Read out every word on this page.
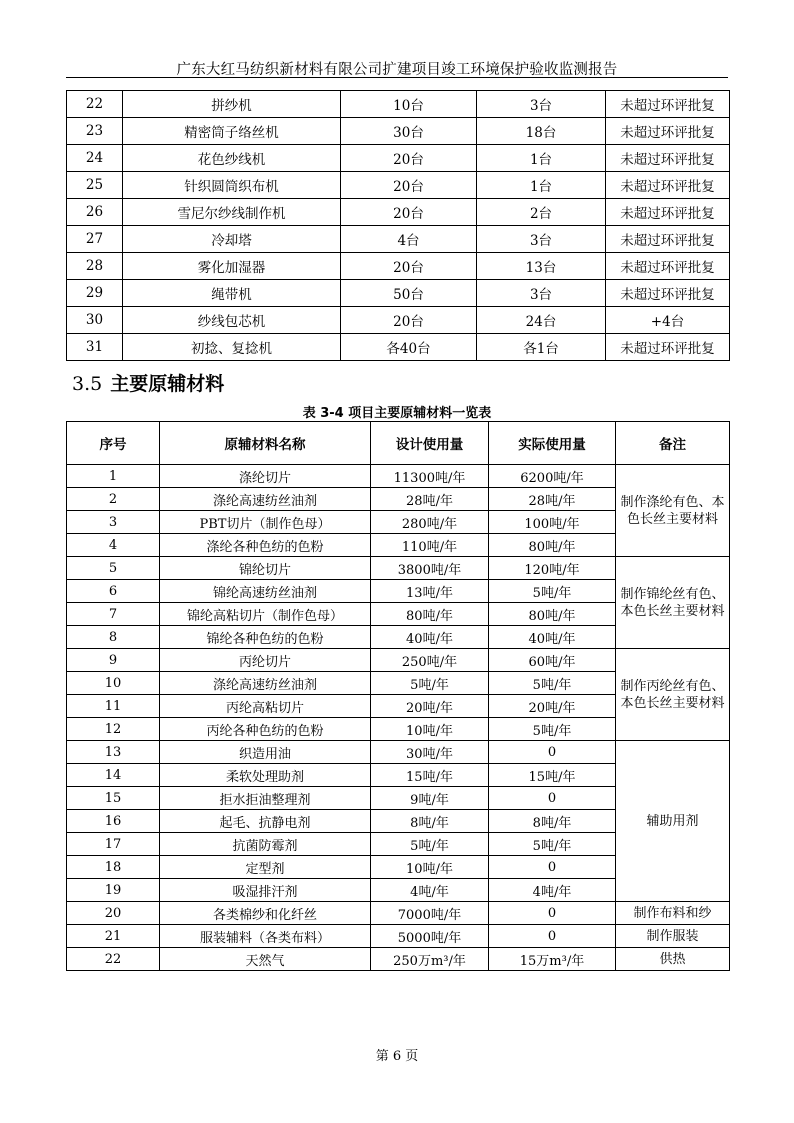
广东大红马纺织新材料有限公司扩建项目竣工环境保护验收监测报告
22	拼纱机	10台	3台	未超过环评批复
23	精密筒子络丝机	30台	18台	未超过环评批复
24	花色纱线机	20台	1台	未超过环评批复
25	针织圆筒织布机	20台	1台	未超过环评批复
26	雪尼尔纱线制作机	20台	2台	未超过环评批复
27	冷却塔	4台	3台	未超过环评批复
28	雾化加湿器	20台	13台	未超过环评批复
29	绳带机	50台	3台	未超过环评批复
30	纱线包芯机	20台	24台	+4台
31	初捻、复捻机	各40台	各1台	未超过环评批复
3.5 主要原辅材料
表 3-4 项目主要原辅材料一览表
序号	原辅材料名称	设计使用量	实际使用量	备注
1	涤纶切片	11300吨/年	6200吨/年	制作涤纶有色、本色长丝主要材料
2	涤纶高速纺丝油剂	28吨/年	28吨/年	
3	PBT切片（制作色母）	280吨/年	100吨/年	
4	涤纶各种色纺的色粉	110吨/年	80吨/年	
5	锦纶切片	3800吨/年	120吨/年	制作锦纶丝有色、本色长丝主要材料
6	锦纶高速纺丝油剂	13吨/年	5吨/年	
7	锦纶高粘切片（制作色母）	80吨/年	80吨/年	
8	锦纶各种色纺的色粉	40吨/年	40吨/年	
9	丙纶切片	250吨/年	60吨/年	制作丙纶丝有色、本色长丝主要材料
10	涤纶高速纺丝油剂	5吨/年	5吨/年	
11	丙纶高粘切片	20吨/年	20吨/年	
12	丙纶各种色纺的色粉	10吨/年	5吨/年	
13	织造用油	30吨/年	0	辅助用剂
14	柔软处理助剂	15吨/年	15吨/年	
15	拒水拒油整理剂	9吨/年	0	
16	起毛、抗静电剂	8吨/年	8吨/年	
17	抗菌防霉剂	5吨/年	5吨/年	
18	定型剂	10吨/年	0	
19	吸湿排汗剂	4吨/年	4吨/年	
20	各类棉纱和化纤丝	7000吨/年	0	制作布料和纱
21	服装辅料（各类布料）	5000吨/年	0	制作服装
22	天然气	250万m³/年	15万m³/年	供热
第 6 页
